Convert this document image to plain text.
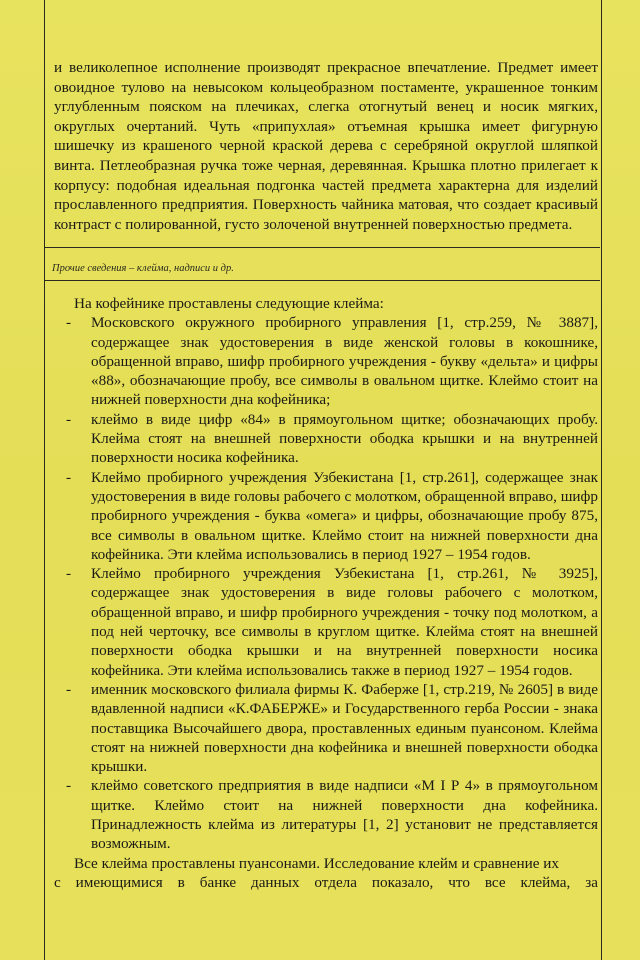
и великолепное исполнение производят прекрасное впечатление. Предмет имеет овоидное тулово на невысоком кольцеобразном постаменте, украшенное тонким углубленным пояском на плечиках, слегка отогнутый венец и носик мягких, округлых очертаний. Чуть «припухлая» отъемная крышка имеет фигурную шишечку из крашеного черной краской дерева с серебряной округлой шляпкой винта. Петлеобразная ручка тоже черная, деревянная. Крышка плотно прилегает к корпусу: подобная идеальная подгонка частей предмета характерна для изделий прославленного предприятия. Поверхность чайника матовая, что создает красивый контраст с полированной, густо золоченой внутренней поверхностью предмета.

Прочие сведения – клейма, надписи и др.

На кофейнике проставлены следующие клейма:

- Московского окружного пробирного управления [1, стр.259, № 3887], содержащее знак удостоверения в виде женской головы в кокошнике, обращенной вправо, шифр пробирного учреждения - букву «дельта» и цифры «88», обозначающие пробу, все символы в овальном щитке. Клеймо стоит на нижней поверхности дна кофейника;
- клеймо в виде цифр «84» в прямоугольном щитке; обозначающих пробу. Клейма стоят на внешней поверхности ободка крышки и на внутренней поверхности носика кофейника.
- Клеймо пробирного учреждения Узбекистана [1, стр.261], содержащее знак удостоверения в виде головы рабочего с молотком, обращенной вправо, шифр пробирного учреждения - буква «омега» и цифры, обозначающие пробу 875, все символы в овальном щитке. Клеймо стоит на нижней поверхности дна кофейника. Эти клейма использовались в период 1927 – 1954 годов.
- Клеймо пробирного учреждения Узбекистана [1, стр.261, № 3925], содержащее знак удостоверения в виде головы рабочего с молотком, обращенной вправо, и шифр пробирного учреждения - точку под молотком, а под ней черточку, все символы в круглом щитке. Клейма стоят на внешней поверхности ободка крышки и на внутренней поверхности носика кофейника. Эти клейма использовались также в период 1927 – 1954 годов.
- именник московского филиала фирмы К. Фаберже [1, стр.219, № 2605] в виде вдавленной надписи «К.ФАБЕРЖЕ» и Государственного герба России - знака поставщика Высочайшего двора, проставленных единым пуансоном. Клейма стоят на нижней поверхности дна кофейника и внешней поверхности ободка крышки.
- клеймо советского предприятия в виде надписи «М I Р 4» в прямоугольном щитке. Клеймо стоит на нижней поверхности дна кофейника. Принадлежность клейма из литературы [1, 2] установит не представляется возможным.

Все клейма проставлены пуансонами. Исследование клейм и сравнение их
с имеющимися в банке данных отдела показало, что все клейма, за
